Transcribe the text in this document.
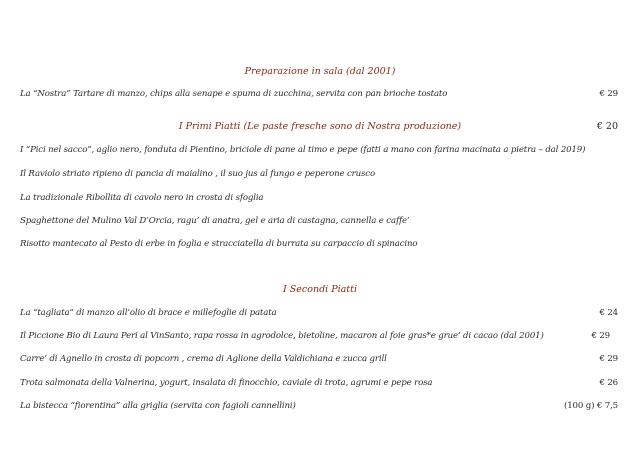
Preparazione in sala (dal 2001)
La “Nostra” Tartare di manzo, chips alla senape e spuma di zucchina, servita con pan brioche tostato	€ 29
I Primi Piatti (Le paste fresche sono di Nostra produzione)	€ 20
I “Pici nel sacco”, aglio nero, fonduta di Pientino, briciole di pane al timo e pepe (fatti a mano con farina macinata a pietra – dal 2019)
Il Raviolo striato ripieno di pancia di maialino , il suo jus al fungo e peperone crusco
La tradizionale Ribollita di cavolo nero in crosta di sfoglia
Spaghettone del Mulino Val D’Orcia, ragu’ di anatra, gel e aria di castagna, cannella e caffe’
Risotto mantecato al Pesto di erbe in foglia e stracciatella di burrata su carpaccio di spinacino
I Secondi Piatti
La “tagliata” di manzo all’olio di brace e millefoglie di patata	€ 24
Il Piccione Bio di Laura Peri al VinSanto, rapa rossa in agrodolce, bietoline, macaron al foie gras*e grue’ di cacao (dal 2001)	€ 29
Carre’ di Agnello in crosta di popcorn , crema di Aglione della Valdichiana e zucca grill	€ 29
Trota salmonata della Valnerina, yogurt, insalata di finocchio, caviale di trota, agrumi e pepe rosa	€ 26
La bistecca “fiorentina” alla griglia (servita con fagioli cannellini)	(100 g) € 7,5
